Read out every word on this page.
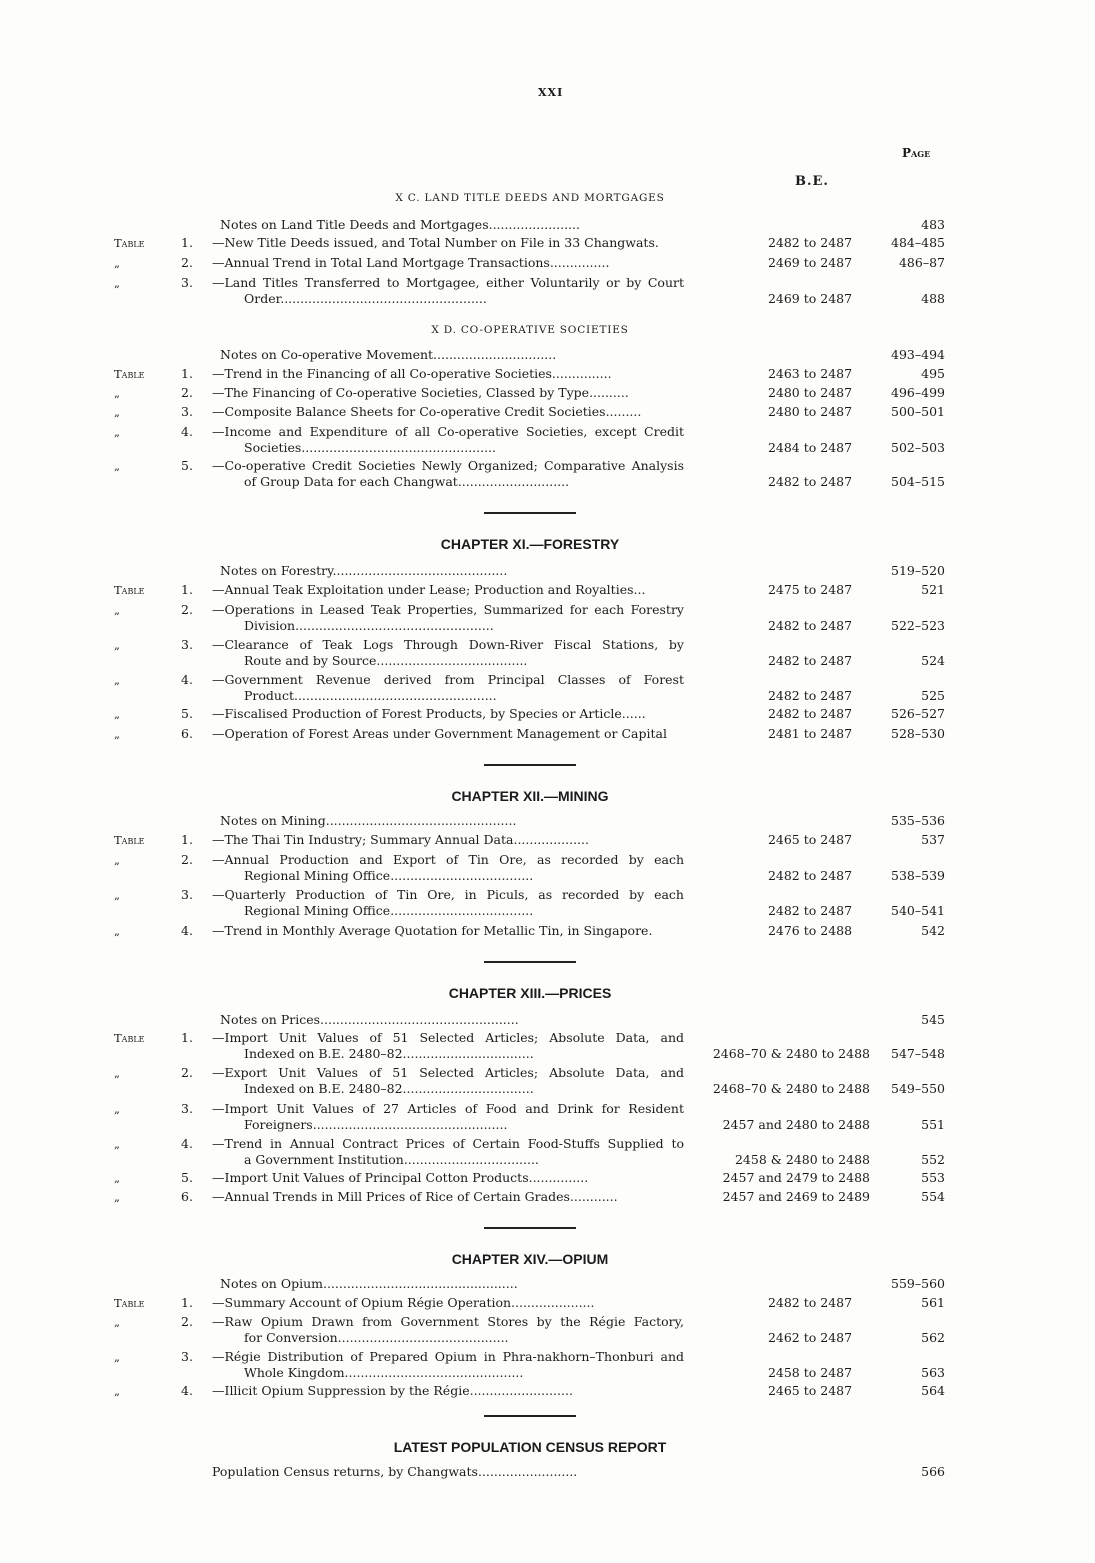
XXI
Page
B.E.
X C. LAND TITLE DEEDS AND MORTGAGES
Notes on Land Title Deeds and Mortgages.......................	483
Table	1.	—New Title Deeds issued, and Total Number on File in 33 Changwats.	2482 to 2487	484–485
„	2.	—Annual Trend in Total Land Mortgage Transactions...............	2469 to 2487	486–87
„	3.	—Land Titles Transferred to Mortgagee, either Voluntarily or by Court
Order....................................................	2469 to 2487	488
X D. CO-OPERATIVE SOCIETIES
Notes on Co-operative Movement...............................	493–494
Table	1.	—Trend in the Financing of all Co-operative Societies...............	2463 to 2487	495
„	2.	—The Financing of Co-operative Societies, Classed by Type..........	2480 to 2487	496–499
„	3.	—Composite Balance Sheets for Co-operative Credit Societies.........	2480 to 2487	500–501
„	4.	—Income and Expenditure of all Co-operative Societies, except Credit
Societies.................................................	2484 to 2487	502–503
„	5.	—Co-operative Credit Societies Newly Organized; Comparative Analysis
of Group Data for each Changwat............................	2482 to 2487	504–515
CHAPTER XI.—FORESTRY
Notes on Forestry............................................	519–520
Table	1.	—Annual Teak Exploitation under Lease; Production and Royalties...	2475 to 2487	521
„	2.	—Operations in Leased Teak Properties, Summarized for each Forestry
Division..................................................	2482 to 2487	522–523
„	3.	—Clearance of Teak Logs Through Down-River Fiscal Stations, by
Route and by Source......................................	2482 to 2487	524
„	4.	—Government Revenue derived from Principal Classes of Forest
Product...................................................	2482 to 2487	525
„	5.	—Fiscalised Production of Forest Products, by Species or Article......	2482 to 2487	526–527
„	6.	—Operation of Forest Areas under Government Management or Capital	2481 to 2487	528–530
CHAPTER XII.—MINING
Notes on Mining................................................	535–536
Table	1.	—The Thai Tin Industry; Summary Annual Data...................	2465 to 2487	537
„	2.	—Annual Production and Export of Tin Ore, as recorded by each
Regional Mining Office....................................	2482 to 2487	538–539
„	3.	—Quarterly Production of Tin Ore, in Piculs, as recorded by each
Regional Mining Office....................................	2482 to 2487	540–541
„	4.	—Trend in Monthly Average Quotation for Metallic Tin, in Singapore.	2476 to 2488	542
CHAPTER XIII.—PRICES
Notes on Prices..................................................	545
Table	1.	—Import Unit Values of 51 Selected Articles; Absolute Data, and
Indexed on B.E. 2480–82.................................	2468–70 & 2480 to 2488	547–548
„	2.	—Export Unit Values of 51 Selected Articles; Absolute Data, and
Indexed on B.E. 2480–82.................................	2468–70 & 2480 to 2488	549–550
„	3.	—Import Unit Values of 27 Articles of Food and Drink for Resident
Foreigners.................................................	2457 and 2480 to 2488	551
„	4.	—Trend in Annual Contract Prices of Certain Food-Stuffs Supplied to
a Government Institution..................................	2458 & 2480 to 2488	552
„	5.	—Import Unit Values of Principal Cotton Products...............	2457 and 2479 to 2488	553
„	6.	—Annual Trends in Mill Prices of Rice of Certain Grades............	2457 and 2469 to 2489	554
CHAPTER XIV.—OPIUM
Notes on Opium.................................................	559–560
Table	1.	—Summary Account of Opium Régie Operation.....................	2482 to 2487	561
„	2.	—Raw Opium Drawn from Government Stores by the Régie Factory,
for Conversion...........................................	2462 to 2487	562
„	3.	—Régie Distribution of Prepared Opium in Phra-nakhorn–Thonburi and
Whole Kingdom.............................................	2458 to 2487	563
„	4.	—Illicit Opium Suppression by the Régie..........................	2465 to 2487	564
LATEST POPULATION CENSUS REPORT
Population Census returns, by Changwats.........................	566
